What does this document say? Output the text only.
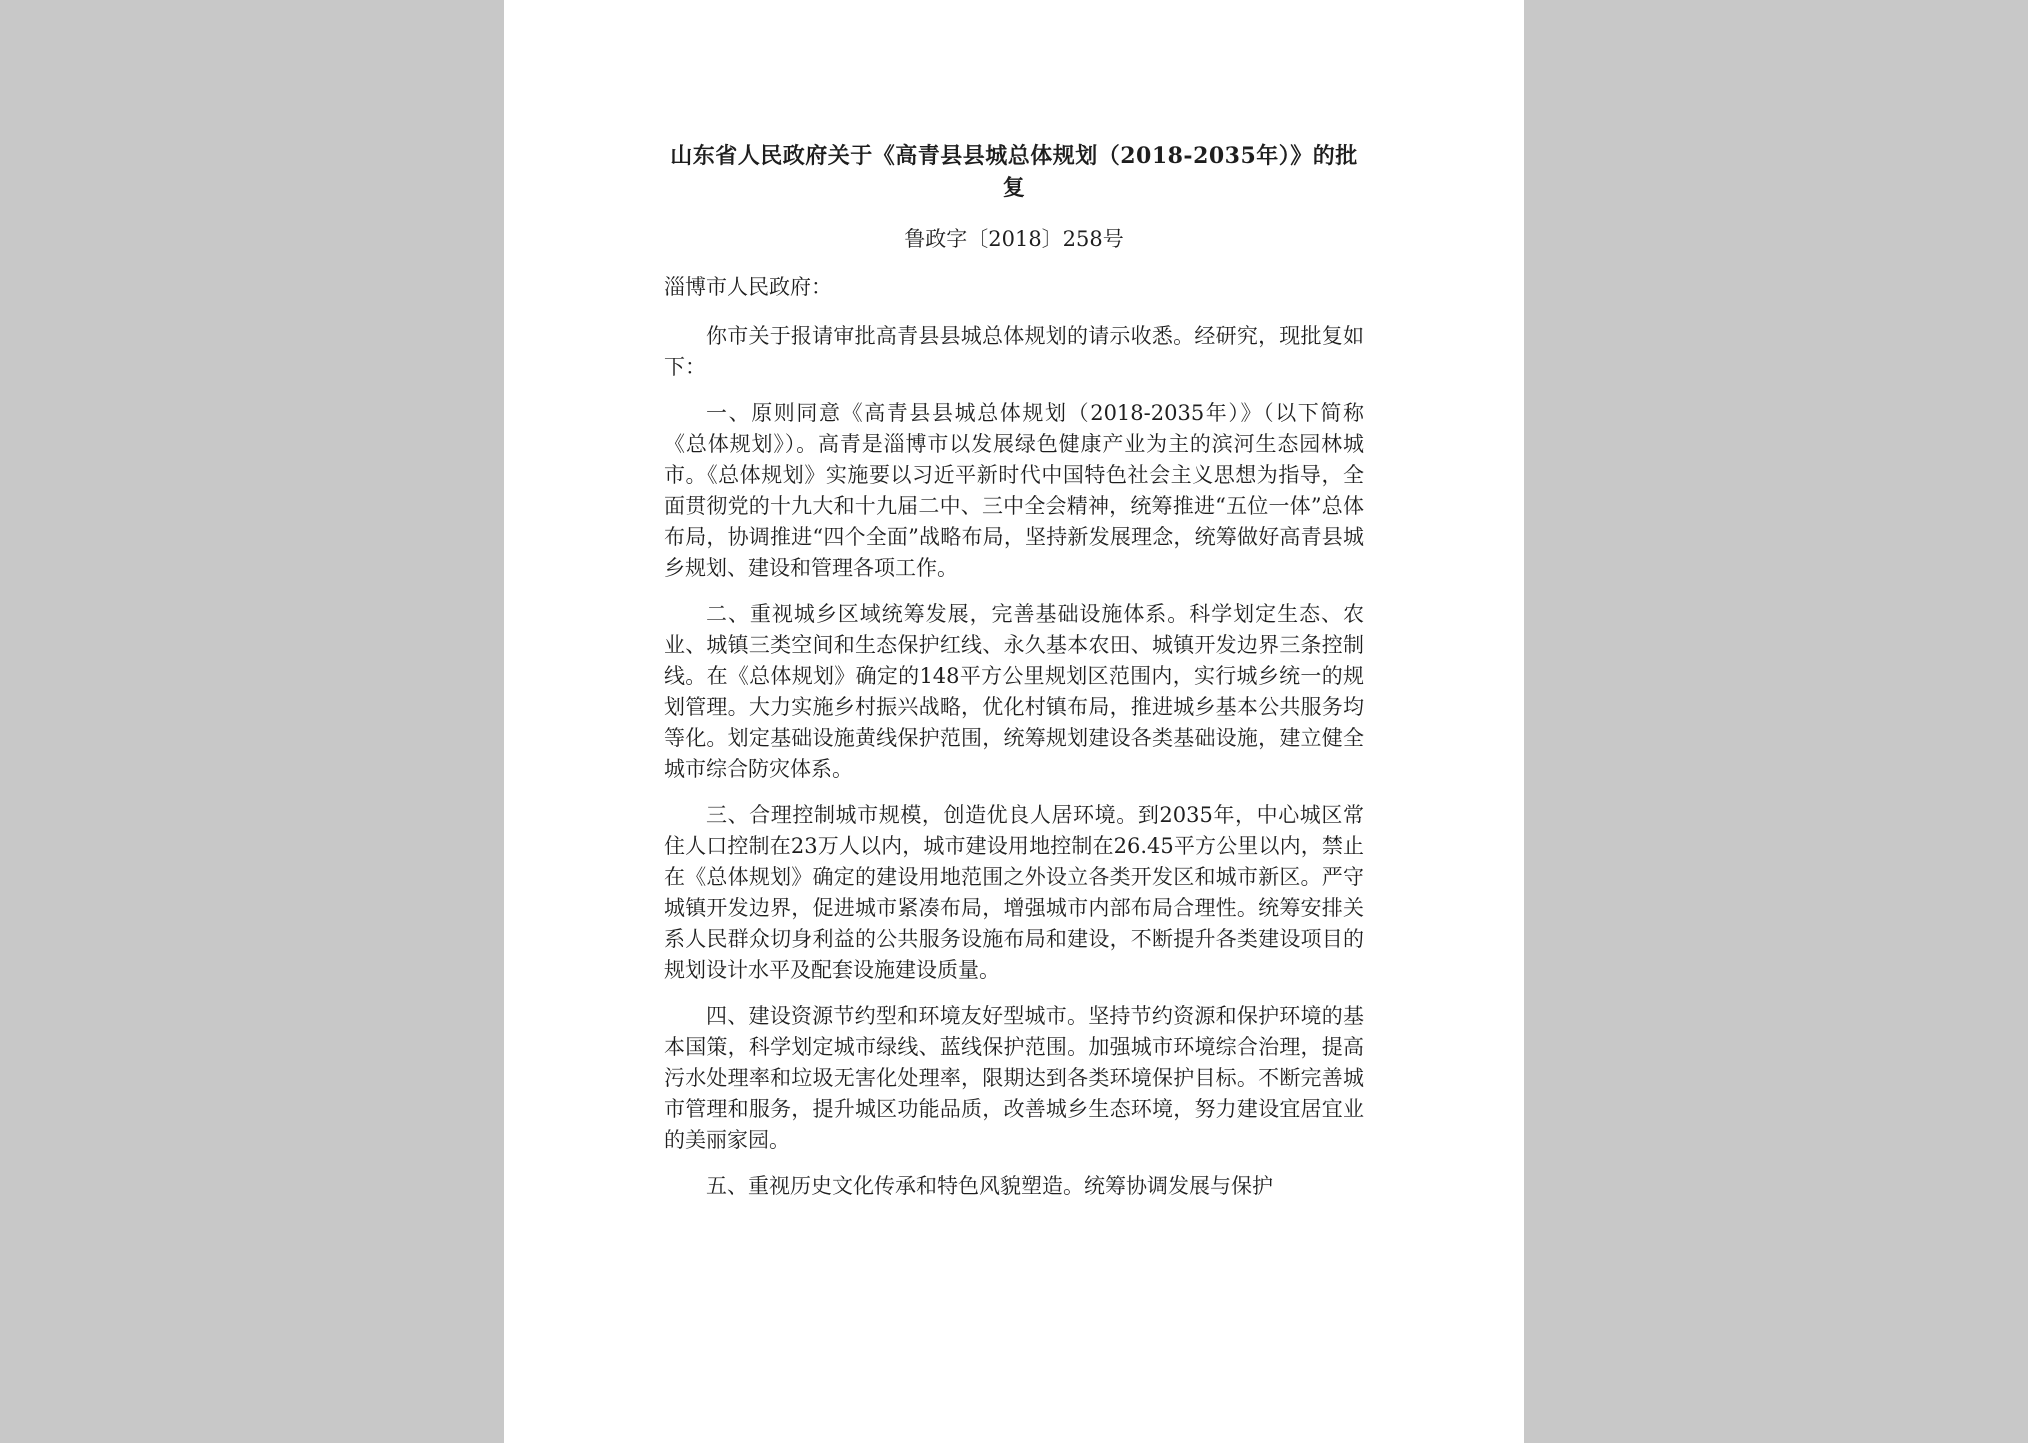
山东省人民政府关于《高青县县城总体规划（2018-2035年）》的批复
鲁政字〔2018〕258号
淄博市人民政府：

你市关于报请审批高青县县城总体规划的请示收悉。经研究，现批复如下：

一、原则同意《高青县县城总体规划（2018-2035年）》（以下简称《总体规划》）。高青是淄博市以发展绿色健康产业为主的滨河生态园林城市。《总体规划》实施要以习近平新时代中国特色社会主义思想为指导，全面贯彻党的十九大和十九届二中、三中全会精神，统筹推进“五位一体”总体布局，协调推进“四个全面”战略布局，坚持新发展理念，统筹做好高青县城乡规划、建设和管理各项工作。

二、重视城乡区域统筹发展，完善基础设施体系。科学划定生态、农业、城镇三类空间和生态保护红线、永久基本农田、城镇开发边界三条控制线。在《总体规划》确定的148平方公里规划区范围内，实行城乡统一的规划管理。大力实施乡村振兴战略，优化村镇布局，推进城乡基本公共服务均等化。划定基础设施黄线保护范围，统筹规划建设各类基础设施，建立健全城市综合防灾体系。

三、合理控制城市规模，创造优良人居环境。到2035年，中心城区常住人口控制在23万人以内，城市建设用地控制在26.45平方公里以内，禁止在《总体规划》确定的建设用地范围之外设立各类开发区和城市新区。严守城镇开发边界，促进城市紧凑布局，增强城市内部布局合理性。统筹安排关系人民群众切身利益的公共服务设施布局和建设，不断提升各类建设项目的规划设计水平及配套设施建设质量。

四、建设资源节约型和环境友好型城市。坚持节约资源和保护环境的基本国策，科学划定城市绿线、蓝线保护范围。加强城市环境综合治理，提高污水处理率和垃圾无害化处理率，限期达到各类环境保护目标。不断完善城市管理和服务，提升城区功能品质，改善城乡生态环境，努力建设宜居宜业的美丽家园。

五、重视历史文化传承和特色风貌塑造。统筹协调发展与保护
